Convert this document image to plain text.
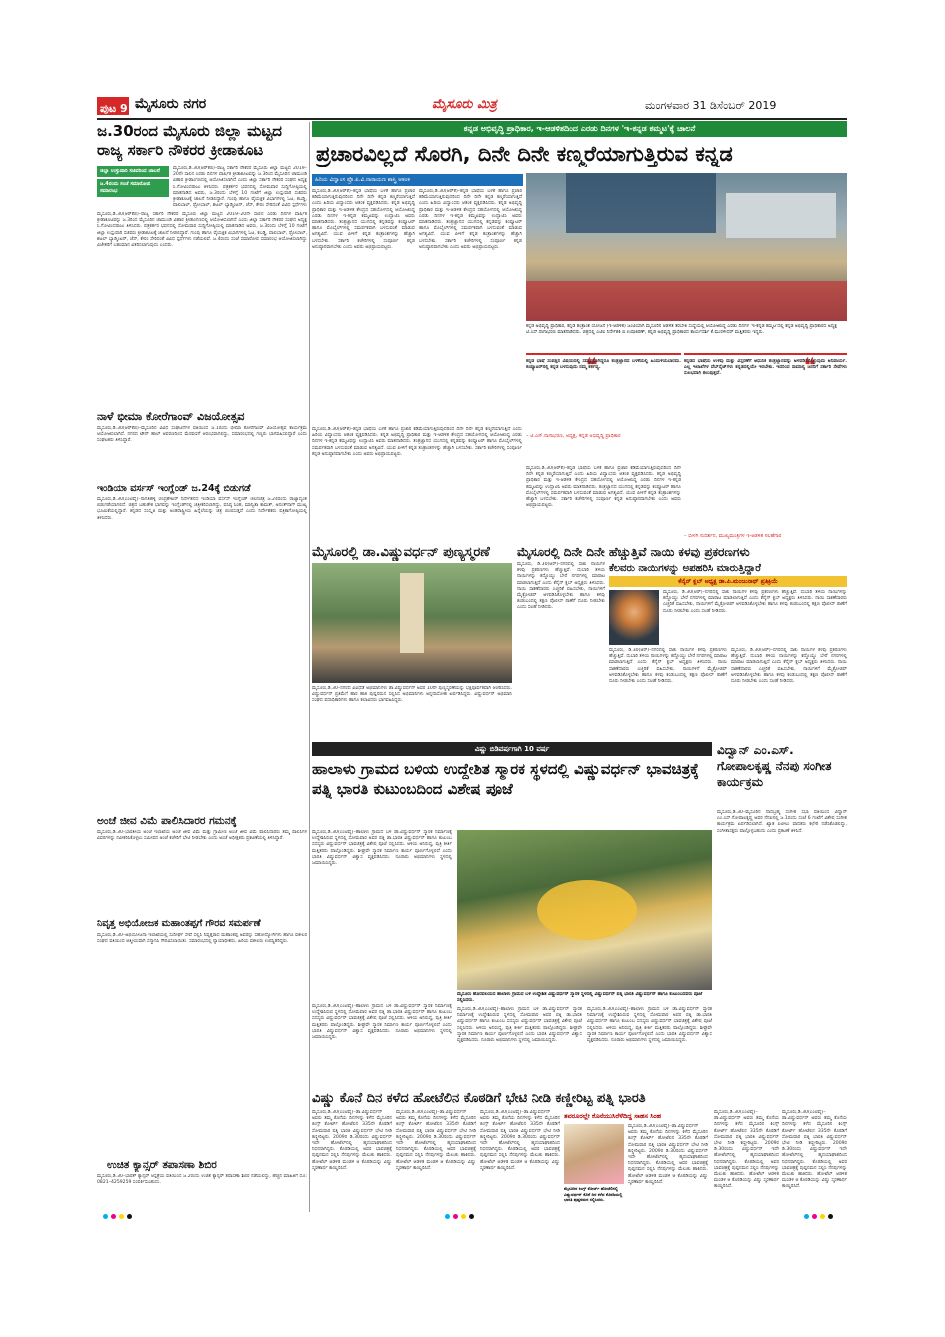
ಪುಟ 9 ಮೈಸೂರು ನಗರ	ಮೈಸೂರು ಮಿತ್ರ	ಮಂಗಳವಾರ 31 ಡಿಸೆಂಬರ್ 2019
ಜ.30ರಂದ ಮೈಸೂರು ಜಿಲ್ಲಾ ಮಟ್ಟದ ರಾಜ್ಯ ಸರ್ಕಾರಿ ನೌಕರರ ಕ್ರೀಡಾಕೂಟ
ಜಿಲ್ಲಾ ಉಸ್ತುವಾರಿ ಸಚಿವರಿಂದ ಚಾಲನೆ
ಜ.4ರಂದು ಸಂಜೆ ಸಮಾರೋಪ ಸಮಾರಂಭ
ಮೈಸೂರು,ಡಿ.30(ಆರ್‌ಕೆಬಿ)–ರಾಜ್ಯ ಸರ್ಕಾರಿ ನೌಕರರ ಮೈಸೂರು ಜಿಲ್ಲಾ ಮಟ್ಟದ 2019–20ನೇ ಸಾಲಿನ ಎರಡು ದಿನಗಳ ವಾರ್ಷಿಕ ಕ್ರೀಡಾಕೂಟವನ್ನು ಜ.3ರಿಂದ ಮೈಸೂರಿನ ಚಾಮುಂಡಿ ವಿಹಾರ ಕ್ರೀಡಾಂಗಣದಲ್ಲಿ ಆಯೋಜಿಸಲಾಗಿದೆ ಎಂದು ಜಿಲ್ಲಾ ಸರ್ಕಾರಿ ನೌಕರರ ಸಂಘದ ಅಧ್ಯಕ್ಷ ಸಿ.ಗೋವಿಂದರಾಜು ತಿಳಿಸಿದರು. ಪತ್ರಕರ್ತರ ಭವನದಲ್ಲಿ ಸೋಮವಾರ ಸುದ್ದಿಗೋಷ್ಠಿಯಲ್ಲಿ ಮಾತನಾಡಿದ ಅವರು, ಜ.3ರಂದು ಬೆಳಿಗ್ಗೆ 10 ಗಂಟೆಗೆ ಜಿಲ್ಲಾ ಉಸ್ತುವಾರಿ ಸಚಿವರು ಕ್ರೀಡಾಕೂಟಕ್ಕೆ ಚಾಲನೆ ನೀಡಲಿದ್ದಾರೆ. ಗುಂಪು ಹಾಗೂ ವೈಯಕ್ತಿಕ ವಿಭಾಗಗಳಲ್ಲಿ ಓಟ, ಕಬಡ್ಡಿ, ವಾಲಿಬಾಲ್, ಥ್ರೋಬಾಲ್, ಶಟಲ್ ಬ್ಯಾಡ್ಮಿಂಟನ್, ಚೆಸ್, ಕೇರಂ ಸೇರಿದಂತೆ ವಿವಿಧ ಸ್ಪರ್ಧೆಗಳು
ಮೈಸೂರು,ಡಿ.30(ಆರ್‌ಕೆಬಿ)–ರಾಜ್ಯ ಸರ್ಕಾರಿ ನೌಕರರ ಮೈಸೂರು ಜಿಲ್ಲಾ ಮಟ್ಟದ 2019–20ನೇ ಸಾಲಿನ ಎರಡು ದಿನಗಳ ವಾರ್ಷಿಕ ಕ್ರೀಡಾಕೂಟವನ್ನು ಜ.3ರಿಂದ ಮೈಸೂರಿನ ಚಾಮುಂಡಿ ವಿಹಾರ ಕ್ರೀಡಾಂಗಣದಲ್ಲಿ ಆಯೋಜಿಸಲಾಗಿದೆ ಎಂದು ಜಿಲ್ಲಾ ಸರ್ಕಾರಿ ನೌಕರರ ಸಂಘದ ಅಧ್ಯಕ್ಷ ಸಿ.ಗೋವಿಂದರಾಜು ತಿಳಿಸಿದರು. ಪತ್ರಕರ್ತರ ಭವನದಲ್ಲಿ ಸೋಮವಾರ ಸುದ್ದಿಗೋಷ್ಠಿಯಲ್ಲಿ ಮಾತನಾಡಿದ ಅವರು, ಜ.3ರಂದು ಬೆಳಿಗ್ಗೆ 10 ಗಂಟೆಗೆ ಜಿಲ್ಲಾ ಉಸ್ತುವಾರಿ ಸಚಿವರು ಕ್ರೀಡಾಕೂಟಕ್ಕೆ ಚಾಲನೆ ನೀಡಲಿದ್ದಾರೆ. ಗುಂಪು ಹಾಗೂ ವೈಯಕ್ತಿಕ ವಿಭಾಗಗಳಲ್ಲಿ ಓಟ, ಕಬಡ್ಡಿ, ವಾಲಿಬಾಲ್, ಥ್ರೋಬಾಲ್, ಶಟಲ್ ಬ್ಯಾಡ್ಮಿಂಟನ್, ಚೆಸ್, ಕೇರಂ ಸೇರಿದಂತೆ ವಿವಿಧ ಸ್ಪರ್ಧೆಗಳು ನಡೆಯಲಿವೆ. ಜ.4ರಂದು ಸಂಜೆ ಸಮಾರೋಪ ಸಮಾರಂಭ ಆಯೋಜಿಸಲಾಗಿದ್ದು ವಿಜೇತರಿಗೆ ಬಹುಮಾನ ವಿತರಿಸಲಾಗುವುದು ಎಂದರು.
ನಾಳೆ ಭೀಮಾ ಕೋರೆಗಾಂವ್ ವಿಜಯೋತ್ಸವ
ಮೈಸೂರು,ಡಿ.30(ಆರ್‌ಕೆಬಿ)–ಮೈಸೂರಿನ ವಿವಿಧ ಸಂಘಟನೆಗಳ ವತಿಯಿಂದ ಜ.1ರಂದು ಭೀಮಾ ಕೋರೆಗಾಂವ್ ವಿಜಯೋತ್ಸವ ಕಾರ್ಯಕ್ರಮ ಆಯೋಜಿಸಲಾಗಿದೆ. ನಗರದ ಟೌನ್ ಹಾಲ್ ಆವರಣದಿಂದ ಮೆರವಣಿಗೆ ಆರಂಭವಾಗಲಿದ್ದು, ಸಮಾರಂಭದಲ್ಲಿ ಗಣ್ಯರು ಭಾಗವಹಿಸಲಿದ್ದಾರೆ ಎಂದು ಸಂಘಟಕರು ತಿಳಿಸಿದ್ದಾರೆ.
ಇಂಡಿಯಾ ವರ್ಸಸ್ ಇಂಗ್ಲೆಂಡ್ ಜ.24ಕ್ಕೆ ಬಿಡುಗಡೆ
ಮೈಸೂರು,ಡಿ.30(ಎಂಟಿವೈ)–ನಾಗತಿಹಳ್ಳಿ ಚಂದ್ರಶೇಖರ್ ನಿರ್ದೇಶನದ ಇಂಡಿಯಾ ವರ್ಸಸ್ ಇಂಗ್ಲೆಂಡ್ ಚಲನಚಿತ್ರ ಜ.24ರಂದು ರಾಜ್ಯಾದ್ಯಂತ ಬಿಡುಗಡೆಯಾಗಲಿದೆ. ಚಿತ್ರದ ಬಹುತೇಕ ಭಾಗವನ್ನು ಇಂಗ್ಲೆಂಡ್‌ನಲ್ಲಿ ಚಿತ್ರೀಕರಿಸಲಾಗಿದ್ದು, ವಸಿಷ್ಠ ಸಿಂಹ, ಮಾನ್ವಿತಾ ಕಾಮತ್, ಅನಂತ್‌ನಾಗ್ ಮುಖ್ಯ ಭೂಮಿಕೆಯಲ್ಲಿದ್ದಾರೆ. ಕನ್ನಡದ ಸಂಸ್ಕೃತಿ ಮತ್ತು ಅಂತರಾಷ್ಟ್ರೀಯ ಹಿನ್ನೆಲೆಯನ್ನು ಚಿತ್ರ ಬಿಂಬಿಸುತ್ತದೆ ಎಂದು ನಿರ್ದೇಶಕರು ಪತ್ರಿಕಾಗೋಷ್ಠಿಯಲ್ಲಿ ತಿಳಿಸಿದರು.
ಅಂಚೆ ಜೀವ ವಿಮೆ ಪಾಲಿಸಿದಾರರ ಗಮನಕ್ಕೆ
ಮೈಸೂರು,ಡಿ.30–ಭಾರತೀಯ ಅಂಚೆ ಇಲಾಖೆಯ ಅಂಚೆ ಜೀವ ವಿಮೆ ಮತ್ತು ಗ್ರಾಮೀಣ ಅಂಚೆ ಜೀವ ವಿಮೆ ಪಾಲಿಸಿದಾರರು ತಮ್ಮ ಪಾಲಿಸಿಗಳ ವಿವರಗಳನ್ನು ನವೀಕರಿಸಿಕೊಳ್ಳಲು ಸಮೀಪದ ಅಂಚೆ ಕಚೇರಿಗೆ ಭೇಟಿ ನೀಡಬೇಕು ಎಂದು ಅಂಚೆ ಅಧೀಕ್ಷಕರು ಪ್ರಕಟಣೆಯಲ್ಲಿ ತಿಳಿಸಿದ್ದಾರೆ.
ನಿವೃತ್ತ ಅಭಿಯೋಜಕ ಮಹಾಂತಪ್ಪಗೆ ಗೌರವ ಸಮರ್ಪಣೆ
ಮೈಸೂರು,ಡಿ.30–ಅಭಿಯೋಜನಾ ಇಲಾಖೆಯಲ್ಲಿ ಸುದೀರ್ಘ ಸೇವೆ ಸಲ್ಲಿಸಿ ನಿವೃತ್ತರಾದ ಮಹಾಂತಪ್ಪ ಅವರನ್ನು ಸಹೋದ್ಯೋಗಿಗಳು ಹಾಗೂ ವಕೀಲರ ಸಂಘದ ವತಿಯಿಂದ ಆತ್ಮೀಯವಾಗಿ ಸನ್ಮಾನಿಸಿ ಗೌರವಿಸಲಾಯಿತು. ಸಮಾರಂಭದಲ್ಲಿ ನ್ಯಾಯಾಧೀಶರು, ಹಿರಿಯ ವಕೀಲರು ಉಪಸ್ಥಿತರಿದ್ದರು.
ಉಚಿತ ಕ್ಯಾನ್ಸರ್ ತಪಾಸಣಾ ಶಿಬಿರ
ಮೈಸೂರು,ಡಿ.30–ಭಾರತ್ ಕ್ಯಾನ್ಸರ್ ಆಸ್ಪತ್ರೆಯ ವತಿಯಿಂದ ಜ.2ರಂದು ಉಚಿತ ಕ್ಯಾನ್ಸರ್ ತಪಾಸಣಾ ಶಿಬಿರ ನಡೆಯಲಿದ್ದು, ಹೆಚ್ಚಿನ ಮಾಹಿತಿಗೆ ದೂ: 0821–4259259 ಸಂಪರ್ಕಿಸಬಹುದು.
ಕನ್ನಡ ಅಭಿವೃದ್ಧಿ ಪ್ರಾಧಿಕಾರ, ಇ-ಆಡಳಿತದಿಂದ ಎರಡು ದಿನಗಳ 'ಇ-ಕನ್ನಡ ಕಮ್ಮಟ'ಕ್ಕೆ ಚಾಲನೆ
ಪ್ರಚಾರವಿಲ್ಲದೆ ಸೊರಗಿ, ದಿನೇ ದಿನೇ ಕಣ್ಮರೆಯಾಗುತ್ತಿರುವ ಕನ್ನಡ
ಹಿರಿಯ ವಿದ್ವಾಂಸ ಪ್ರೊ.ಪಿ.ವಿ.ನಾರಾಯಣ ಶಾಸ್ತ್ರಿ ಆತಂಕ
ಮೈಸೂರು,ಡಿ.30(ಆರ್‌ಕೆ)–ಕನ್ನಡ ಭಾಷೆಯ ಬಳಕೆ ಹಾಗೂ ಪ್ರಚಾರ ಕಡಿಮೆಯಾಗುತ್ತಿರುವುದರಿಂದ ದಿನೇ ದಿನೇ ಕನ್ನಡ ಕಣ್ಮರೆಯಾಗುತ್ತಿದೆ ಎಂದು ಹಿರಿಯ ವಿದ್ವಾಂಸರು ಆತಂಕ ವ್ಯಕ್ತಪಡಿಸಿದರು. ಕನ್ನಡ ಅಭಿವೃದ್ಧಿ ಪ್ರಾಧಿಕಾರ ಮತ್ತು ಇ-ಆಡಳಿತ ಕೇಂದ್ರದ ಸಹಯೋಗದಲ್ಲಿ ಆಯೋಜಿಸಿದ್ದ ಎರಡು ದಿನಗಳ ಇ-ಕನ್ನಡ ಕಮ್ಮಟವನ್ನು ಉದ್ಘಾಟಿಸಿ ಅವರು ಮಾತನಾಡಿದರು. ತಂತ್ರಜ್ಞಾನದ ಯುಗದಲ್ಲಿ ಕನ್ನಡವನ್ನು ಕಂಪ್ಯೂಟರ್ ಹಾಗೂ ಮೊಬೈಲ್‌ಗಳಲ್ಲಿ ಸಮರ್ಪಕವಾಗಿ ಬಳಸುವಂತೆ ಮಾಡುವ ಅಗತ್ಯವಿದೆ. ಯುವ ಪೀಳಿಗೆ ಕನ್ನಡ ತಂತ್ರಾಂಶಗಳನ್ನು ಹೆಚ್ಚಾಗಿ ಬಳಸಬೇಕು. ಸರ್ಕಾರಿ ಕಚೇರಿಗಳಲ್ಲಿ ಸಂಪೂರ್ಣ ಕನ್ನಡ ಅನುಷ್ಠಾನವಾಗಬೇಕು ಎಂದು ಅವರು ಅಭಿಪ್ರಾಯಪಟ್ಟರು.
ಮೈಸೂರು,ಡಿ.30(ಆರ್‌ಕೆ)–ಕನ್ನಡ ಭಾಷೆಯ ಬಳಕೆ ಹಾಗೂ ಪ್ರಚಾರ ಕಡಿಮೆಯಾಗುತ್ತಿರುವುದರಿಂದ ದಿನೇ ದಿನೇ ಕನ್ನಡ ಕಣ್ಮರೆಯಾಗುತ್ತಿದೆ ಎಂದು ಹಿರಿಯ ವಿದ್ವಾಂಸರು ಆತಂಕ ವ್ಯಕ್ತಪಡಿಸಿದರು. ಕನ್ನಡ ಅಭಿವೃದ್ಧಿ ಪ್ರಾಧಿಕಾರ ಮತ್ತು ಇ-ಆಡಳಿತ ಕೇಂದ್ರದ ಸಹಯೋಗದಲ್ಲಿ ಆಯೋಜಿಸಿದ್ದ ಎರಡು ದಿನಗಳ ಇ-ಕನ್ನಡ ಕಮ್ಮಟವನ್ನು ಉದ್ಘಾಟಿಸಿ ಅವರು ಮಾತನಾಡಿದರು. ತಂತ್ರಜ್ಞಾನದ ಯುಗದಲ್ಲಿ ಕನ್ನಡವನ್ನು ಕಂಪ್ಯೂಟರ್ ಹಾಗೂ ಮೊಬೈಲ್‌ಗಳಲ್ಲಿ ಸಮರ್ಪಕವಾಗಿ ಬಳಸುವಂತೆ ಮಾಡುವ ಅಗತ್ಯವಿದೆ. ಯುವ ಪೀಳಿಗೆ ಕನ್ನಡ ತಂತ್ರಾಂಶಗಳನ್ನು ಹೆಚ್ಚಾಗಿ ಬಳಸಬೇಕು. ಸರ್ಕಾರಿ ಕಚೇರಿಗಳಲ್ಲಿ ಸಂಪೂರ್ಣ ಕನ್ನಡ ಅನುಷ್ಠಾನವಾಗಬೇಕು ಎಂದು ಅವರು ಅಭಿಪ್ರಾಯಪಟ್ಟರು.
ಕನ್ನಡ ಅಭಿವೃದ್ಧಿ ಪ್ರಾಧಿಕಾರ, ಕನ್ನಡ ತಂತ್ರಾಂಶ ಯೋಜನೆ (ಇ-ಆಡಳಿತ) ಜಂಟಿಯಾಗಿ ಮೈಸೂರಿನ ಆಡಳಿತ ತರಬೇತಿ ಸಂಸ್ಥೆಯಲ್ಲಿ ಆಯೋಜಿಸಿದ್ದ ಎರಡು ದಿನಗಳ 'ಇ-ಕನ್ನಡ ಕಮ್ಮಟ'ದಲ್ಲಿ ಕನ್ನಡ ಅಭಿವೃದ್ಧಿ ಪ್ರಾಧಿಕಾರದ ಅಧ್ಯಕ್ಷ ಟಿ.ಎಸ್.ನಾಗಾಭರಣ ಮಾತನಾಡಿದರು. ಚಿತ್ರದಲ್ಲಿ ಎಟಿಐ ನಿರ್ದೇಶಕಿ ಬಿ.ಉಷಾಕಿರಣ್, ಕನ್ನಡ ಅಭಿವೃದ್ಧಿ ಪ್ರಾಧಿಕಾರದ ಕಾರ್ಯದರ್ಶಿ ಕೆ.ಮುರಳೀಧರ್ ಮತ್ತಿತರರು ಇದ್ದರು.
❝
ಕನ್ನಡ ಭಾಷೆ ಸಂಪತ್ತಿನ ವಿಷಯದಲ್ಲಿ ಸಮೃದ್ಧವಾಗಿದ್ದರೂ ತಂತ್ರಜ್ಞಾನದ ಬಳಕೆಯಲ್ಲಿ ಹಿಂದುಳಿಯಬಾರದು. ಕಂಪ್ಯೂಟರ್‌ನಲ್ಲಿ ಕನ್ನಡ ಬಳಸುವುದು ನಮ್ಮ ಕರ್ತವ್ಯ.
– ಟಿ.ಎಸ್.ನಾಗಾಭರಣ, ಅಧ್ಯಕ್ಷ, ಕನ್ನಡ ಅಭಿವೃದ್ಧಿ ಪ್ರಾಧಿಕಾರ
❝
ಕನ್ನಡದ ಭಾಷೆಯ ಉಳಿವು ಮತ್ತು ವಿಸ್ತರಣೆಗೆ ಅಧುನಿಕ ತಂತ್ರಜ್ಞಾನವನ್ನು ಅಳವಡಿಸಿಕೊಳ್ಳುವುದು ಅನಿವಾರ್ಯ. ಎಲ್ಲ ಇಲಾಖೆಗಳ ವೆಬ್‌ಸೈಟ್‌ಗಳು ಕನ್ನಡದಲ್ಲಿಯೇ ಇರಬೇಕು. ಇದರಿಂದ ಸಾಮಾನ್ಯ ಜನರಿಗೆ ಸರ್ಕಾರಿ ಸೇವೆಗಳು ಸುಲಭವಾಗಿ ತಲುಪುತ್ತವೆ.
– ಬೀಳಗಿ ಸುದರ್ಶನ, ಮುಖ್ಯಮಂತ್ರಿಗಳ ಇ-ಆಡಳಿತ ಸಲಹೆಗಾರ
ಮೈಸೂರು,ಡಿ.30(ಆರ್‌ಕೆ)–ಕನ್ನಡ ಭಾಷೆಯ ಬಳಕೆ ಹಾಗೂ ಪ್ರಚಾರ ಕಡಿಮೆಯಾಗುತ್ತಿರುವುದರಿಂದ ದಿನೇ ದಿನೇ ಕನ್ನಡ ಕಣ್ಮರೆಯಾಗುತ್ತಿದೆ ಎಂದು ಹಿರಿಯ ವಿದ್ವಾಂಸರು ಆತಂಕ ವ್ಯಕ್ತಪಡಿಸಿದರು. ಕನ್ನಡ ಅಭಿವೃದ್ಧಿ ಪ್ರಾಧಿಕಾರ ಮತ್ತು ಇ-ಆಡಳಿತ ಕೇಂದ್ರದ ಸಹಯೋಗದಲ್ಲಿ ಆಯೋಜಿಸಿದ್ದ ಎರಡು ದಿನಗಳ ಇ-ಕನ್ನಡ ಕಮ್ಮಟವನ್ನು ಉದ್ಘಾಟಿಸಿ ಅವರು ಮಾತನಾಡಿದರು. ತಂತ್ರಜ್ಞಾನದ ಯುಗದಲ್ಲಿ ಕನ್ನಡವನ್ನು ಕಂಪ್ಯೂಟರ್ ಹಾಗೂ ಮೊಬೈಲ್‌ಗಳಲ್ಲಿ ಸಮರ್ಪಕವಾಗಿ ಬಳಸುವಂತೆ ಮಾಡುವ ಅಗತ್ಯವಿದೆ. ಯುವ ಪೀಳಿಗೆ ಕನ್ನಡ ತಂತ್ರಾಂಶಗಳನ್ನು ಹೆಚ್ಚಾಗಿ ಬಳಸಬೇಕು. ಸರ್ಕಾರಿ ಕಚೇರಿಗಳಲ್ಲಿ ಸಂಪೂರ್ಣ ಕನ್ನಡ ಅನುಷ್ಠಾನವಾಗಬೇಕು ಎಂದು ಅವರು ಅಭಿಪ್ರಾಯಪಟ್ಟರು.
ಮೈಸೂರು,ಡಿ.30(ಆರ್‌ಕೆ)–ಕನ್ನಡ ಭಾಷೆಯ ಬಳಕೆ ಹಾಗೂ ಪ್ರಚಾರ ಕಡಿಮೆಯಾಗುತ್ತಿರುವುದರಿಂದ ದಿನೇ ದಿನೇ ಕನ್ನಡ ಕಣ್ಮರೆಯಾಗುತ್ತಿದೆ ಎಂದು ಹಿರಿಯ ವಿದ್ವಾಂಸರು ಆತಂಕ ವ್ಯಕ್ತಪಡಿಸಿದರು. ಕನ್ನಡ ಅಭಿವೃದ್ಧಿ ಪ್ರಾಧಿಕಾರ ಮತ್ತು ಇ-ಆಡಳಿತ ಕೇಂದ್ರದ ಸಹಯೋಗದಲ್ಲಿ ಆಯೋಜಿಸಿದ್ದ ಎರಡು ದಿನಗಳ ಇ-ಕನ್ನಡ ಕಮ್ಮಟವನ್ನು ಉದ್ಘಾಟಿಸಿ ಅವರು ಮಾತನಾಡಿದರು. ತಂತ್ರಜ್ಞಾನದ ಯುಗದಲ್ಲಿ ಕನ್ನಡವನ್ನು ಕಂಪ್ಯೂಟರ್ ಹಾಗೂ ಮೊಬೈಲ್‌ಗಳಲ್ಲಿ ಸಮರ್ಪಕವಾಗಿ ಬಳಸುವಂತೆ ಮಾಡುವ ಅಗತ್ಯವಿದೆ. ಯುವ ಪೀಳಿಗೆ ಕನ್ನಡ ತಂತ್ರಾಂಶಗಳನ್ನು ಹೆಚ್ಚಾಗಿ ಬಳಸಬೇಕು. ಸರ್ಕಾರಿ ಕಚೇರಿಗಳಲ್ಲಿ ಸಂಪೂರ್ಣ ಕನ್ನಡ ಅನುಷ್ಠಾನವಾಗಬೇಕು ಎಂದು ಅವರು ಅಭಿಪ್ರಾಯಪಟ್ಟರು.
ಮೈಸೂರಲ್ಲಿ ಡಾ.ವಿಷ್ಣುವರ್ಧನ್ ಪುಣ್ಯಸ್ಮರಣೆ
ಮೈಸೂರು,ಡಿ.30–ನಗರದ ವಿವಿಧೆಡೆ ಅಭಿಮಾನಿಗಳು ಡಾ.ವಿಷ್ಣುವರ್ಧನ್ ಅವರ 10ನೇ ಪುಣ್ಯಸ್ಮರಣೆಯನ್ನು ಭಕ್ತಿಪೂರ್ವಕವಾಗಿ ಆಚರಿಸಿದರು. ವಿಷ್ಣುವರ್ಧನ್ ಪ್ರತಿಮೆಗೆ ಹಾರ ಹಾಕಿ ಪುಷ್ಪನಮನ ಸಲ್ಲಿಸಿದ ಅಭಿಮಾನಿಗಳು ಅನ್ನದಾಸೋಹ ಏರ್ಪಡಿಸಿದ್ದರು. ವಿಷ್ಣುವರ್ಧನ್ ಅಭಿಮಾನಿ ಸಂಘದ ಪದಾಧಿಕಾರಿಗಳು ಹಾಗೂ ಕಲಾವಿದರು ಭಾಗವಹಿಸಿದ್ದರು.
ಮೈಸೂರಲ್ಲಿ ದಿನೇ ದಿನೇ ಹೆಚ್ಚುತ್ತಿವೆ ನಾಯಿ ಕಳವು ಪ್ರಕರಣಗಳು
ಮೈಸೂರು, ಡಿ.30(ಆರ್‌)–ನಗರದಲ್ಲಿ ಸಾಕು ನಾಯಿಗಳ ಕಳವು ಪ್ರಕರಣಗಳು ಹೆಚ್ಚುತ್ತಿವೆ. ದುಬಾರಿ ತಳಿಯ ನಾಯಿಗಳನ್ನು ಕದ್ದೊಯ್ದು ಬೇರೆ ನಗರಗಳಲ್ಲಿ ಮಾರಾಟ ಮಾಡಲಾಗುತ್ತಿದೆ ಎಂದು ಕೆನೈನ್ ಕ್ಲಬ್ ಅಧ್ಯಕ್ಷರು ತಿಳಿಸಿದರು. ನಾಯಿ ಸಾಕಣೆದಾರರು ಎಚ್ಚರಿಕೆ ವಹಿಸಬೇಕು, ನಾಯಿಗಳಿಗೆ ಮೈಕ್ರೋಚಿಪ್ ಅಳವಡಿಸಿಕೊಳ್ಳಬೇಕು ಹಾಗೂ ಕಳವು ಕಂಡುಬಂದಲ್ಲಿ ತಕ್ಷಣ ಪೊಲೀಸ್ ಠಾಣೆಗೆ ದೂರು ನೀಡಬೇಕು ಎಂದು ಸಲಹೆ ನೀಡಿದರು.
ಕೆಲವರು ನಾಯಿಗಳನ್ನು ಅಪಹರಿಸಿ ಮಾರುತ್ತಿದ್ದಾರೆ
ಕೆನೈನ್ ಕ್ಲಬ್ ಅಧ್ಯಕ್ಷ ಡಾ.ಪಿ.ಮಂಜುನಾಥ್ ಪ್ರತಿಕ್ರಿಯೆ
ಮೈಸೂರು, ಡಿ.30(ಆರ್‌)–ನಗರದಲ್ಲಿ ಸಾಕು ನಾಯಿಗಳ ಕಳವು ಪ್ರಕರಣಗಳು ಹೆಚ್ಚುತ್ತಿವೆ. ದುಬಾರಿ ತಳಿಯ ನಾಯಿಗಳನ್ನು ಕದ್ದೊಯ್ದು ಬೇರೆ ನಗರಗಳಲ್ಲಿ ಮಾರಾಟ ಮಾಡಲಾಗುತ್ತಿದೆ ಎಂದು ಕೆನೈನ್ ಕ್ಲಬ್ ಅಧ್ಯಕ್ಷರು ತಿಳಿಸಿದರು. ನಾಯಿ ಸಾಕಣೆದಾರರು ಎಚ್ಚರಿಕೆ ವಹಿಸಬೇಕು, ನಾಯಿಗಳಿಗೆ ಮೈಕ್ರೋಚಿಪ್ ಅಳವಡಿಸಿಕೊಳ್ಳಬೇಕು ಹಾಗೂ ಕಳವು ಕಂಡುಬಂದಲ್ಲಿ ತಕ್ಷಣ ಪೊಲೀಸ್ ಠಾಣೆಗೆ ದೂರು ನೀಡಬೇಕು ಎಂದು ಸಲಹೆ ನೀಡಿದರು.
ಮೈಸೂರು, ಡಿ.30(ಆರ್‌)–ನಗರದಲ್ಲಿ ಸಾಕು ನಾಯಿಗಳ ಕಳವು ಪ್ರಕರಣಗಳು ಹೆಚ್ಚುತ್ತಿವೆ. ದುಬಾರಿ ತಳಿಯ ನಾಯಿಗಳನ್ನು ಕದ್ದೊಯ್ದು ಬೇರೆ ನಗರಗಳಲ್ಲಿ ಮಾರಾಟ ಮಾಡಲಾಗುತ್ತಿದೆ ಎಂದು ಕೆನೈನ್ ಕ್ಲಬ್ ಅಧ್ಯಕ್ಷರು ತಿಳಿಸಿದರು. ನಾಯಿ ಸಾಕಣೆದಾರರು ಎಚ್ಚರಿಕೆ ವಹಿಸಬೇಕು, ನಾಯಿಗಳಿಗೆ ಮೈಕ್ರೋಚಿಪ್ ಅಳವಡಿಸಿಕೊಳ್ಳಬೇಕು ಹಾಗೂ ಕಳವು ಕಂಡುಬಂದಲ್ಲಿ ತಕ್ಷಣ ಪೊಲೀಸ್ ಠಾಣೆಗೆ ದೂರು ನೀಡಬೇಕು ಎಂದು ಸಲಹೆ ನೀಡಿದರು.
ಮೈಸೂರು, ಡಿ.30(ಆರ್‌)–ನಗರದಲ್ಲಿ ಸಾಕು ನಾಯಿಗಳ ಕಳವು ಪ್ರಕರಣಗಳು ಹೆಚ್ಚುತ್ತಿವೆ. ದುಬಾರಿ ತಳಿಯ ನಾಯಿಗಳನ್ನು ಕದ್ದೊಯ್ದು ಬೇರೆ ನಗರಗಳಲ್ಲಿ ಮಾರಾಟ ಮಾಡಲಾಗುತ್ತಿದೆ ಎಂದು ಕೆನೈನ್ ಕ್ಲಬ್ ಅಧ್ಯಕ್ಷರು ತಿಳಿಸಿದರು. ನಾಯಿ ಸಾಕಣೆದಾರರು ಎಚ್ಚರಿಕೆ ವಹಿಸಬೇಕು, ನಾಯಿಗಳಿಗೆ ಮೈಕ್ರೋಚಿಪ್ ಅಳವಡಿಸಿಕೊಳ್ಳಬೇಕು ಹಾಗೂ ಕಳವು ಕಂಡುಬಂದಲ್ಲಿ ತಕ್ಷಣ ಪೊಲೀಸ್ ಠಾಣೆಗೆ ದೂರು ನೀಡಬೇಕು ಎಂದು ಸಲಹೆ ನೀಡಿದರು.
ವಿಷ್ಣು ಬಿಡಿವರ್ಷಗಾಗಿ 10 ವರ್ಷ
ಹಾಲಾಳು ಗ್ರಾಮದ ಬಳಿಯ ಉದ್ದೇಶಿತ ಸ್ಮಾರಕ ಸ್ಥಳದಲ್ಲಿ ವಿಷ್ಣುವರ್ಧನ್ ಭಾವಚಿತ್ರಕ್ಕೆ ಪತ್ನಿ ಭಾರತಿ ಕುಟುಂಬದಿಂದ ವಿಶೇಷ ಪೂಜೆ
ಮೈಸೂರು,ಡಿ.30(ಎಂಟಿವೈ)–ಹಾಲಾಳು ಗ್ರಾಮದ ಬಳಿ ಡಾ.ವಿಷ್ಣುವರ್ಧನ್ ಸ್ಮಾರಕ ನಿರ್ಮಾಣಕ್ಕೆ ಉದ್ದೇಶಿಸಿರುವ ಸ್ಥಳದಲ್ಲಿ ಸೋಮವಾರ ಅವರ ಪತ್ನಿ ಡಾ.ಭಾರತಿ ವಿಷ್ಣುವರ್ಧನ್ ಹಾಗೂ ಕುಟುಂಬ ಸದಸ್ಯರು ವಿಷ್ಣುವರ್ಧನ್ ಭಾವಚಿತ್ರಕ್ಕೆ ವಿಶೇಷ ಪೂಜೆ ಸಲ್ಲಿಸಿದರು. ಅಳಿಯ ಅನಿರುದ್ಧ, ಪುತ್ರಿ ಕೀರ್ತಿ ಮತ್ತಿತರರು ಪಾಲ್ಗೊಂಡಿದ್ದರು. ಶೀಘ್ರವೇ ಸ್ಮಾರಕ ನಿರ್ಮಾಣ ಕಾರ್ಯ ಪೂರ್ಣಗೊಳ್ಳಲಿದೆ ಎಂದು ಭಾರತಿ ವಿಷ್ಣುವರ್ಧನ್ ವಿಶ್ವಾಸ ವ್ಯಕ್ತಪಡಿಸಿದರು. ನೂರಾರು ಅಭಿಮಾನಿಗಳು ಸ್ಥಳದಲ್ಲಿ ಜಮಾಯಿಸಿದ್ದರು.
ಮೈಸೂರು ಹೊರವಲಯದ ಹಾಲಾಳು ಗ್ರಾಮದ ಬಳಿ ಉದ್ದೇಶಿತ ವಿಷ್ಣುವರ್ಧನ್ ಸ್ಮಾರಕ ಸ್ಥಳದಲ್ಲಿ ವಿಷ್ಣುವರ್ಧನ್ ಪತ್ನಿ ಭಾರತಿ ವಿಷ್ಣುವರ್ಧನ್ ಹಾಗೂ ಕುಟುಂಬದವರು ಪೂಜೆ ಸಲ್ಲಿಸಿದರು.
ಮೈಸೂರು,ಡಿ.30(ಎಂಟಿವೈ)–ಹಾಲಾಳು ಗ್ರಾಮದ ಬಳಿ ಡಾ.ವಿಷ್ಣುವರ್ಧನ್ ಸ್ಮಾರಕ ನಿರ್ಮಾಣಕ್ಕೆ ಉದ್ದೇಶಿಸಿರುವ ಸ್ಥಳದಲ್ಲಿ ಸೋಮವಾರ ಅವರ ಪತ್ನಿ ಡಾ.ಭಾರತಿ ವಿಷ್ಣುವರ್ಧನ್ ಹಾಗೂ ಕುಟುಂಬ ಸದಸ್ಯರು ವಿಷ್ಣುವರ್ಧನ್ ಭಾವಚಿತ್ರಕ್ಕೆ ವಿಶೇಷ ಪೂಜೆ ಸಲ್ಲಿಸಿದರು. ಅಳಿಯ ಅನಿರುದ್ಧ, ಪುತ್ರಿ ಕೀರ್ತಿ ಮತ್ತಿತರರು ಪಾಲ್ಗೊಂಡಿದ್ದರು. ಶೀಘ್ರವೇ ಸ್ಮಾರಕ ನಿರ್ಮಾಣ ಕಾರ್ಯ ಪೂರ್ಣಗೊಳ್ಳಲಿದೆ ಎಂದು ಭಾರತಿ ವಿಷ್ಣುವರ್ಧನ್ ವಿಶ್ವಾಸ ವ್ಯಕ್ತಪಡಿಸಿದರು. ನೂರಾರು ಅಭಿಮಾನಿಗಳು ಸ್ಥಳದಲ್ಲಿ ಜಮಾಯಿಸಿದ್ದರು.
ಮೈಸೂರು,ಡಿ.30(ಎಂಟಿವೈ)–ಹಾಲಾಳು ಗ್ರಾಮದ ಬಳಿ ಡಾ.ವಿಷ್ಣುವರ್ಧನ್ ಸ್ಮಾರಕ ನಿರ್ಮಾಣಕ್ಕೆ ಉದ್ದೇಶಿಸಿರುವ ಸ್ಥಳದಲ್ಲಿ ಸೋಮವಾರ ಅವರ ಪತ್ನಿ ಡಾ.ಭಾರತಿ ವಿಷ್ಣುವರ್ಧನ್ ಹಾಗೂ ಕುಟುಂಬ ಸದಸ್ಯರು ವಿಷ್ಣುವರ್ಧನ್ ಭಾವಚಿತ್ರಕ್ಕೆ ವಿಶೇಷ ಪೂಜೆ ಸಲ್ಲಿಸಿದರು. ಅಳಿಯ ಅನಿರುದ್ಧ, ಪುತ್ರಿ ಕೀರ್ತಿ ಮತ್ತಿತರರು ಪಾಲ್ಗೊಂಡಿದ್ದರು. ಶೀಘ್ರವೇ ಸ್ಮಾರಕ ನಿರ್ಮಾಣ ಕಾರ್ಯ ಪೂರ್ಣಗೊಳ್ಳಲಿದೆ ಎಂದು ಭಾರತಿ ವಿಷ್ಣುವರ್ಧನ್ ವಿಶ್ವಾಸ ವ್ಯಕ್ತಪಡಿಸಿದರು. ನೂರಾರು ಅಭಿಮಾನಿಗಳು ಸ್ಥಳದಲ್ಲಿ ಜಮಾಯಿಸಿದ್ದರು.
ಮೈಸೂರು,ಡಿ.30(ಎಂಟಿವೈ)–ಹಾಲಾಳು ಗ್ರಾಮದ ಬಳಿ ಡಾ.ವಿಷ್ಣುವರ್ಧನ್ ಸ್ಮಾರಕ ನಿರ್ಮಾಣಕ್ಕೆ ಉದ್ದೇಶಿಸಿರುವ ಸ್ಥಳದಲ್ಲಿ ಸೋಮವಾರ ಅವರ ಪತ್ನಿ ಡಾ.ಭಾರತಿ ವಿಷ್ಣುವರ್ಧನ್ ಹಾಗೂ ಕುಟುಂಬ ಸದಸ್ಯರು ವಿಷ್ಣುವರ್ಧನ್ ಭಾವಚಿತ್ರಕ್ಕೆ ವಿಶೇಷ ಪೂಜೆ ಸಲ್ಲಿಸಿದರು. ಅಳಿಯ ಅನಿರುದ್ಧ, ಪುತ್ರಿ ಕೀರ್ತಿ ಮತ್ತಿತರರು ಪಾಲ್ಗೊಂಡಿದ್ದರು. ಶೀಘ್ರವೇ ಸ್ಮಾರಕ ನಿರ್ಮಾಣ ಕಾರ್ಯ ಪೂರ್ಣಗೊಳ್ಳಲಿದೆ ಎಂದು ಭಾರತಿ ವಿಷ್ಣುವರ್ಧನ್ ವಿಶ್ವಾಸ ವ್ಯಕ್ತಪಡಿಸಿದರು. ನೂರಾರು ಅಭಿಮಾನಿಗಳು ಸ್ಥಳದಲ್ಲಿ ಜಮಾಯಿಸಿದ್ದರು.
ವಿದ್ವಾನ್ ಎಂ.ಎಸ್. ಗೋಪಾಲಕೃಷ್ಣ ನೆನಪು ಸಂಗೀತ ಕಾರ್ಯಕ್ರಮ
ಮೈಸೂರು,ಡಿ.30–ಮೈಸೂರಿನ ನಾದಬ್ರಹ್ಮ ಸಂಗೀತ ಸಭಾ ವತಿಯಿಂದ ವಿದ್ವಾನ್ ಎಂ.ಎಸ್.ಗೋಪಾಲಕೃಷ್ಣ ಅವರ ನೆನಪಿನಲ್ಲಿ ಜ.1ರಂದು ಸಂಜೆ 6 ಗಂಟೆಗೆ ವಿಶೇಷ ಸಂಗೀತ ಕಾರ್ಯಕ್ರಮ ಏರ್ಪಡಿಸಲಾಗಿದೆ. ಖ್ಯಾತ ಪಿಟೀಲು ವಾದಕರು ಕಛೇರಿ ನಡೆಸಿಕೊಡಲಿದ್ದು, ಸಂಗೀತಾಸಕ್ತರು ಪಾಲ್ಗೊಳ್ಳಬಹುದು ಎಂದು ಪ್ರಕಟಣೆ ತಿಳಿಸಿದೆ.
ವಿಷ್ಣು ಕೊನೆ ದಿನ ಕಳೆದ ಹೋಟೆಲಿನ ಕೊಠಡಿಗೆ ಭೇಟಿ ನೀಡಿ ಕಣ್ಣೀರಿಟ್ಟ ಪತ್ನಿ ಭಾರತಿ
ಮೈಸೂರು,ಡಿ.30(ಎಂಟಿವೈ)–ಡಾ.ವಿಷ್ಣುವರ್ಧನ್ ಅವರು ತಮ್ಮ ಕೊನೆಯ ದಿನಗಳನ್ನು ಕಳೆದ ಮೈಸೂರಿನ ಕಿಂಗ್ಸ್ ಕೋರ್ಟ್ ಹೋಟೆಲಿನ 335ನೇ ಕೊಠಡಿಗೆ ಸೋಮವಾರ ಪತ್ನಿ ಭಾರತಿ ವಿಷ್ಣುವರ್ಧನ್ ಭೇಟಿ ನೀಡಿ ಕಣ್ಣೀರಿಟ್ಟರು. 2009ರ ಡಿ.30ರಂದು ವಿಷ್ಣುವರ್ಧನ್ ಇದೇ ಹೋಟೆಲ್‌ನಲ್ಲಿ ಹೃದಯಾಘಾತದಿಂದ ನಿಧನರಾಗಿದ್ದರು. ಕೊಠಡಿಯಲ್ಲಿ ಅವರ ಭಾವಚಿತ್ರಕ್ಕೆ ಪುಷ್ಪನಮನ ಸಲ್ಲಿಸಿ ನೆನಪುಗಳನ್ನು ಮೆಲುಕು ಹಾಕಿದರು. ಹೋಟೆಲ್ ಆಡಳಿತ ಮಂಡಳಿ ಆ ಕೊಠಡಿಯನ್ನು ವಿಷ್ಣು ಸ್ಮರಣಾರ್ಥ ಕಾಯ್ದಿರಿಸಿದೆ.
ಮೈಸೂರು,ಡಿ.30(ಎಂಟಿವೈ)–ಡಾ.ವಿಷ್ಣುವರ್ಧನ್ ಅವರು ತಮ್ಮ ಕೊನೆಯ ದಿನಗಳನ್ನು ಕಳೆದ ಮೈಸೂರಿನ ಕಿಂಗ್ಸ್ ಕೋರ್ಟ್ ಹೋಟೆಲಿನ 335ನೇ ಕೊಠಡಿಗೆ ಸೋಮವಾರ ಪತ್ನಿ ಭಾರತಿ ವಿಷ್ಣುವರ್ಧನ್ ಭೇಟಿ ನೀಡಿ ಕಣ್ಣೀರಿಟ್ಟರು. 2009ರ ಡಿ.30ರಂದು ವಿಷ್ಣುವರ್ಧನ್ ಇದೇ ಹೋಟೆಲ್‌ನಲ್ಲಿ ಹೃದಯಾಘಾತದಿಂದ ನಿಧನರಾಗಿದ್ದರು. ಕೊಠಡಿಯಲ್ಲಿ ಅವರ ಭಾವಚಿತ್ರಕ್ಕೆ ಪುಷ್ಪನಮನ ಸಲ್ಲಿಸಿ ನೆನಪುಗಳನ್ನು ಮೆಲುಕು ಹಾಕಿದರು. ಹೋಟೆಲ್ ಆಡಳಿತ ಮಂಡಳಿ ಆ ಕೊಠಡಿಯನ್ನು ವಿಷ್ಣು ಸ್ಮರಣಾರ್ಥ ಕಾಯ್ದಿರಿಸಿದೆ.
ಮೈಸೂರು,ಡಿ.30(ಎಂಟಿವೈ)–ಡಾ.ವಿಷ್ಣುವರ್ಧನ್ ಅವರು ತಮ್ಮ ಕೊನೆಯ ದಿನಗಳನ್ನು ಕಳೆದ ಮೈಸೂರಿನ ಕಿಂಗ್ಸ್ ಕೋರ್ಟ್ ಹೋಟೆಲಿನ 335ನೇ ಕೊಠಡಿಗೆ ಸೋಮವಾರ ಪತ್ನಿ ಭಾರತಿ ವಿಷ್ಣುವರ್ಧನ್ ಭೇಟಿ ನೀಡಿ ಕಣ್ಣೀರಿಟ್ಟರು. 2009ರ ಡಿ.30ರಂದು ವಿಷ್ಣುವರ್ಧನ್ ಇದೇ ಹೋಟೆಲ್‌ನಲ್ಲಿ ಹೃದಯಾಘಾತದಿಂದ ನಿಧನರಾಗಿದ್ದರು. ಕೊಠಡಿಯಲ್ಲಿ ಅವರ ಭಾವಚಿತ್ರಕ್ಕೆ ಪುಷ್ಪನಮನ ಸಲ್ಲಿಸಿ ನೆನಪುಗಳನ್ನು ಮೆಲುಕು ಹಾಕಿದರು. ಹೋಟೆಲ್ ಆಡಳಿತ ಮಂಡಳಿ ಆ ಕೊಠಡಿಯನ್ನು ವಿಷ್ಣು ಸ್ಮರಣಾರ್ಥ ಕಾಯ್ದಿರಿಸಿದೆ.
ತವರೂರಲ್ಲೇ ಕೊನೆಯುಸಿರೆಳೆದಿದ್ದ ಸಾಹಸ ಸಿಂಹ
ಮೈಸೂರಿನ ಕಿಂಗ್ಸ್ ಕೋರ್ಟ್ ಹೋಟೆಲಿನಲ್ಲಿ ವಿಷ್ಣುವರ್ಧನ್ ಕೊನೆ ದಿನ ಕಳೆದ ಕೊಠಡಿಯಲ್ಲಿ ಭಾರತಿ ಪುಷ್ಪನಮನ ಸಲ್ಲಿಸಿದರು.
ಮೈಸೂರು,ಡಿ.30(ಎಂಟಿವೈ)–ಡಾ.ವಿಷ್ಣುವರ್ಧನ್ ಅವರು ತಮ್ಮ ಕೊನೆಯ ದಿನಗಳನ್ನು ಕಳೆದ ಮೈಸೂರಿನ ಕಿಂಗ್ಸ್ ಕೋರ್ಟ್ ಹೋಟೆಲಿನ 335ನೇ ಕೊಠಡಿಗೆ ಸೋಮವಾರ ಪತ್ನಿ ಭಾರತಿ ವಿಷ್ಣುವರ್ಧನ್ ಭೇಟಿ ನೀಡಿ ಕಣ್ಣೀರಿಟ್ಟರು. 2009ರ ಡಿ.30ರಂದು ವಿಷ್ಣುವರ್ಧನ್ ಇದೇ ಹೋಟೆಲ್‌ನಲ್ಲಿ ಹೃದಯಾಘಾತದಿಂದ ನಿಧನರಾಗಿದ್ದರು. ಕೊಠಡಿಯಲ್ಲಿ ಅವರ ಭಾವಚಿತ್ರಕ್ಕೆ ಪುಷ್ಪನಮನ ಸಲ್ಲಿಸಿ ನೆನಪುಗಳನ್ನು ಮೆಲುಕು ಹಾಕಿದರು. ಹೋಟೆಲ್ ಆಡಳಿತ ಮಂಡಳಿ ಆ ಕೊಠಡಿಯನ್ನು ವಿಷ್ಣು ಸ್ಮರಣಾರ್ಥ ಕಾಯ್ದಿರಿಸಿದೆ.
ಮೈಸೂರು,ಡಿ.30(ಎಂಟಿವೈ)–ಡಾ.ವಿಷ್ಣುವರ್ಧನ್ ಅವರು ತಮ್ಮ ಕೊನೆಯ ದಿನಗಳನ್ನು ಕಳೆದ ಮೈಸೂರಿನ ಕಿಂಗ್ಸ್ ಕೋರ್ಟ್ ಹೋಟೆಲಿನ 335ನೇ ಕೊಠಡಿಗೆ ಸೋಮವಾರ ಪತ್ನಿ ಭಾರತಿ ವಿಷ್ಣುವರ್ಧನ್ ಭೇಟಿ ನೀಡಿ ಕಣ್ಣೀರಿಟ್ಟರು. 2009ರ ಡಿ.30ರಂದು ವಿಷ್ಣುವರ್ಧನ್ ಇದೇ ಹೋಟೆಲ್‌ನಲ್ಲಿ ಹೃದಯಾಘಾತದಿಂದ ನಿಧನರಾಗಿದ್ದರು. ಕೊಠಡಿಯಲ್ಲಿ ಅವರ ಭಾವಚಿತ್ರಕ್ಕೆ ಪುಷ್ಪನಮನ ಸಲ್ಲಿಸಿ ನೆನಪುಗಳನ್ನು ಮೆಲುಕು ಹಾಕಿದರು. ಹೋಟೆಲ್ ಆಡಳಿತ ಮಂಡಳಿ ಆ ಕೊಠಡಿಯನ್ನು ವಿಷ್ಣು ಸ್ಮರಣಾರ್ಥ ಕಾಯ್ದಿರಿಸಿದೆ.
ಮೈಸೂರು,ಡಿ.30(ಎಂಟಿವೈ)–ಡಾ.ವಿಷ್ಣುವರ್ಧನ್ ಅವರು ತಮ್ಮ ಕೊನೆಯ ದಿನಗಳನ್ನು ಕಳೆದ ಮೈಸೂರಿನ ಕಿಂಗ್ಸ್ ಕೋರ್ಟ್ ಹೋಟೆಲಿನ 335ನೇ ಕೊಠಡಿಗೆ ಸೋಮವಾರ ಪತ್ನಿ ಭಾರತಿ ವಿಷ್ಣುವರ್ಧನ್ ಭೇಟಿ ನೀಡಿ ಕಣ್ಣೀರಿಟ್ಟರು. 2009ರ ಡಿ.30ರಂದು ವಿಷ್ಣುವರ್ಧನ್ ಇದೇ ಹೋಟೆಲ್‌ನಲ್ಲಿ ಹೃದಯಾಘಾತದಿಂದ ನಿಧನರಾಗಿದ್ದರು. ಕೊಠಡಿಯಲ್ಲಿ ಅವರ ಭಾವಚಿತ್ರಕ್ಕೆ ಪುಷ್ಪನಮನ ಸಲ್ಲಿಸಿ ನೆನಪುಗಳನ್ನು ಮೆಲುಕು ಹಾಕಿದರು. ಹೋಟೆಲ್ ಆಡಳಿತ ಮಂಡಳಿ ಆ ಕೊಠಡಿಯನ್ನು ವಿಷ್ಣು ಸ್ಮರಣಾರ್ಥ ಕಾಯ್ದಿರಿಸಿದೆ.
